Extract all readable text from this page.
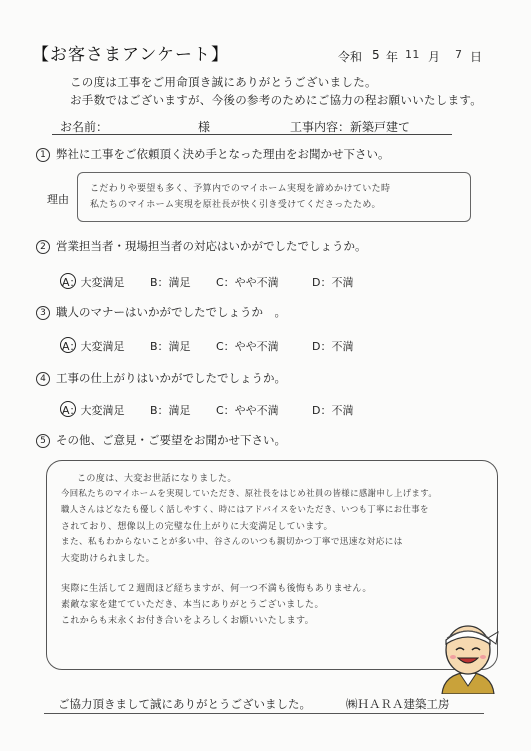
【お客さまアンケート】	令和 5 年 11 月 7 日
この度は工事をご用命頂き誠にありがとうございました。
お手数ではございますが、今後の参考のためにご協力の程お願いいたします。
お名前：	様	工事内容：新築戸建て
1 弊社に工事をご依頼頂く決め手となった理由をお聞かせ下さい。
理由
こだわりや要望も多く、予算内でのマイホーム実現を諦めかけていた時
私たちのマイホーム実現を原社長が快く引き受けてくださったため。
2 営業担当者・現場担当者の対応はいかがでしたでしょうか。
A：大変満足 B：満足 C：やや不満	D：不満
3 職人のマナーはいかがでしたでしょうか　。
A：大変満足 B：満足 C：やや不満	D：不満
4 工事の仕上がりはいかがでしたでしょうか。
A：大変満足 B：満足 C：やや不満	D：不満
5 その他、ご意見・ご要望をお聞かせ下さい。
この度は、大変お世話になりました。
今回私たちのマイホームを実現していただき、原社長をはじめ社員の皆様に感謝申し上げます。
職人さんはどなたも優しく話しやすく、時にはアドバイスをいただき、いつも丁寧にお仕事を
されており、想像以上の完璧な仕上がりに大変満足しています。
また、私もわからないことが多い中、谷さんのいつも親切かつ丁寧で迅速な対応には
大変助けられました。
実際に生活して２週間ほど経ちますが、何一つ不満も後悔もありません。
素敵な家を建てていただき、本当にありがとうございました。
これからも末永くお付き合いをよろしくお願いいたします。
ご協力頂きまして誠にありがとうございました。	㈱ＨＡＲＡ建築工房
